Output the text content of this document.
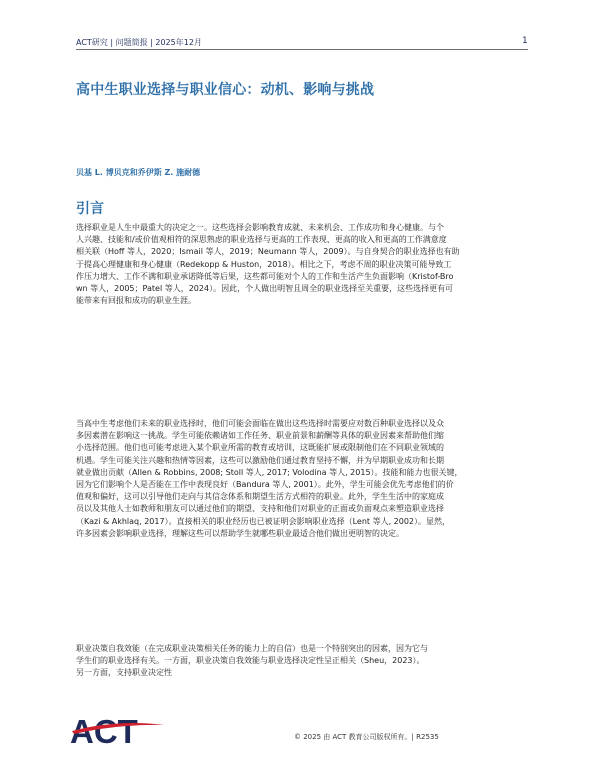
ACT研究 | 问题简报 | 2025年12月	1
高中生职业选择与职业信心：动机、影响与挑战
贝基 L. 博贝克和乔伊斯 Z. 施耐德
引言
选择职业是人生中最重大的决定之一。这些选择会影响教育成就、未来机会、工作成功和身心健康。与个
人兴趣、技能和/或价值观相符的深思熟虑的职业选择与更高的工作表现、更高的收入和更高的工作满意度
相关联（Hoff 等人，2020；Ismail 等人，2019；Neumann 等人，2009）。与自身契合的职业选择也有助
于提高心理健康和身心健康（Redekopp & Huston，2018）。相比之下，考虑不周的职业决策可能导致工
作压力增大、工作不满和职业承诺降低等后果，这些都可能对个人的工作和生活产生负面影响（Kristof-Bro
wn 等人，2005；Patel 等人，2024）。因此，个人做出明智且周全的职业选择至关重要，这些选择更有可
能带来有回报和成功的职业生涯。
当高中生考虑他们未来的职业选择时，他们可能会面临在做出这些选择时需要应对数百种职业选择以及众
多因素潜在影响这一挑战。学生可能依赖诸如工作任务、职业前景和薪酬等具体的职业因素来帮助他们缩
小选择范围。他们也可能考虑进入某个职业所需的教育或培训，这既能扩展或限制他们在不同职业领域的
机遇。学生可能关注兴趣和热情等因素，这些可以激励他们通过教育坚持不懈，并为早期职业成功和长期
就业做出贡献（Allen & Robbins, 2008; Stoll 等人, 2017; Volodina 等人, 2015）。技能和能力也很关键，
因为它们影响个人是否能在工作中表现良好（Bandura 等人, 2001）。此外，学生可能会优先考虑他们的价
值观和偏好，这可以引导他们走向与其信念体系和期望生活方式相符的职业。此外，学生生活中的家庭成
员以及其他人士如教师和朋友可以通过他们的期望、支持和他们对职业的正面或负面观点来塑造职业选择
（Kazi & Akhlaq, 2017）。直接相关的职业经历也已被证明会影响职业选择（Lent 等人, 2002）。显然，
许多因素会影响职业选择，理解这些可以帮助学生就哪些职业最适合他们做出更明智的决定。
职业决策自我效能（在完成职业决策相关任务的能力上的自信）也是一个特别突出的因素，因为它与
学生们的职业选择有关。一方面，职业决策自我效能与职业选择决定性呈正相关（Sheu，2023）。
另一方面，支持职业决定性
ACT	© 2025 由 ACT 教育公司版权所有。| R2535
